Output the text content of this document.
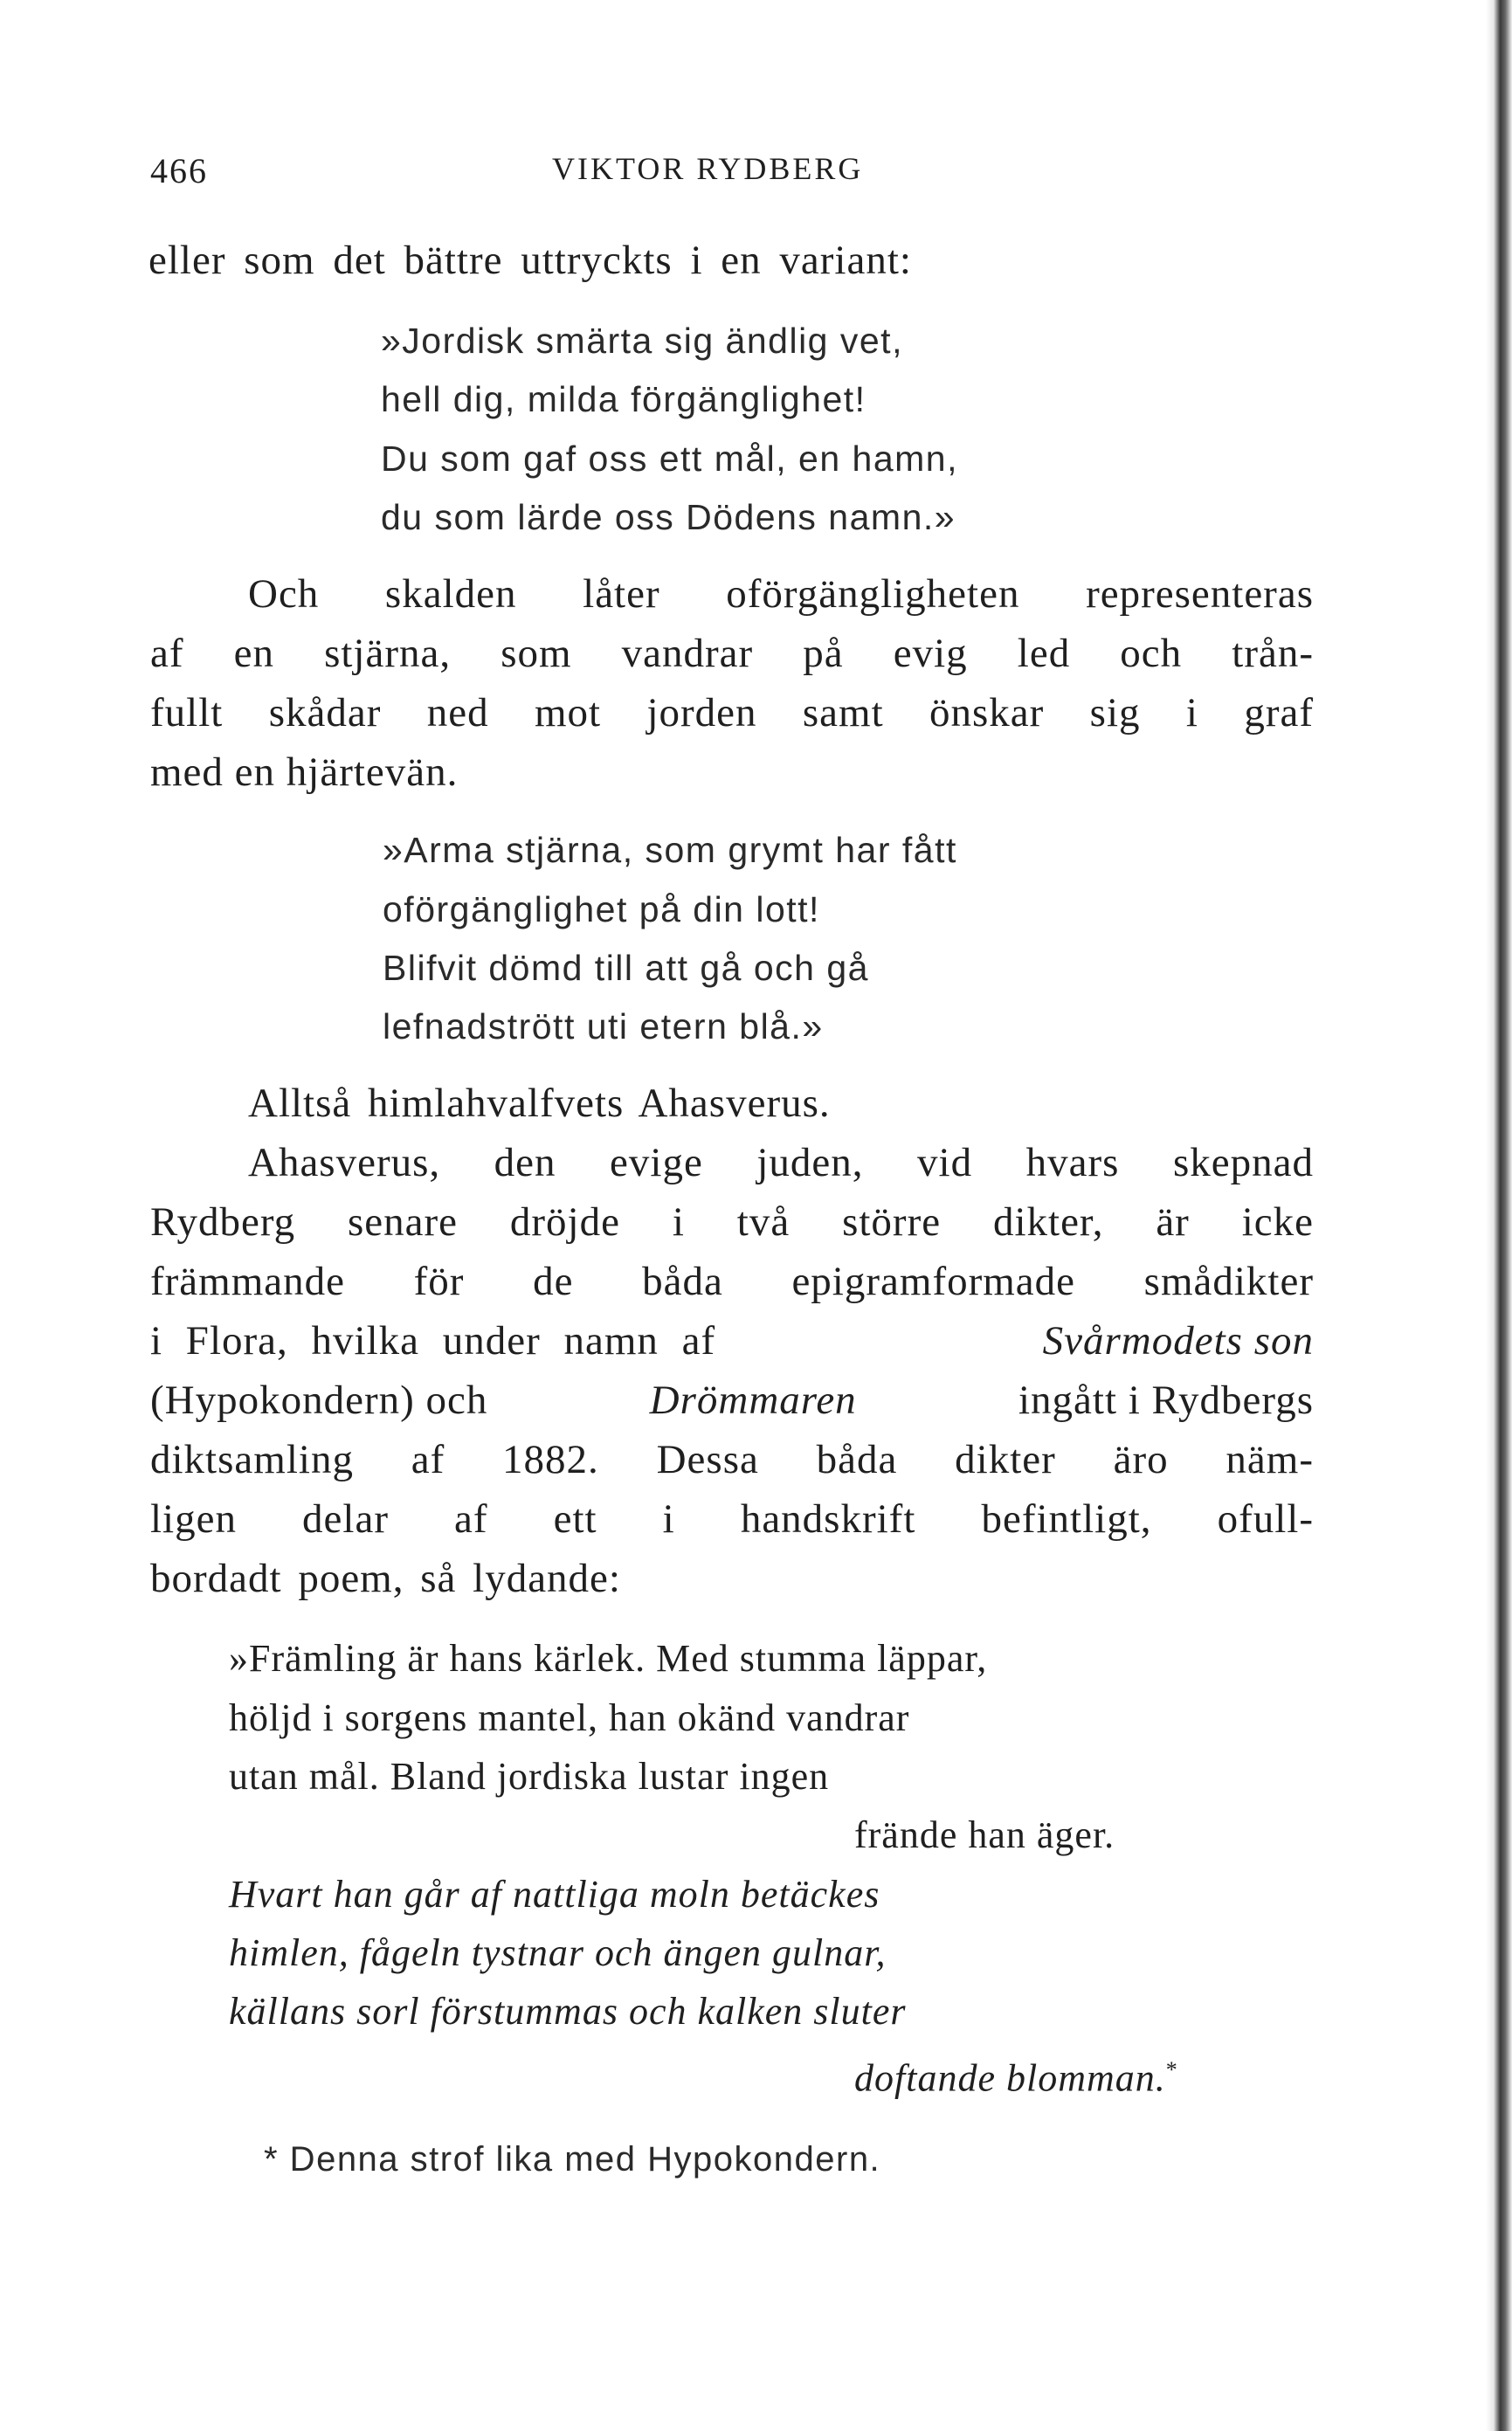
466	VIKTOR RYDBERG
eller som det bättre uttryckts i en variant:
»Jordisk smärta sig ändlig vet,
hell dig, milda förgänglighet!
Du som gaf oss ett mål, en hamn,
du som lärde oss Dödens namn.»
Och skalden låter oförgängligheten representeras
af en stjärna, som vandrar på evig led och trån-
fullt skådar ned mot jorden samt önskar sig i graf
med en hjärtevän.
»Arma stjärna, som grymt har fått
oförgänglighet på din lott!
Blifvit dömd till att gå och gå
lefnadstrött uti etern blå.»
Alltså himlahvalfvets Ahasverus.
Ahasverus, den evige juden, vid hvars skepnad
Rydberg senare dröjde i två större dikter, är icke
främmande för de båda epigramformade smådikter
i Flora, hvilka under namn af	Svårmodets son
(Hypokondern) och	Drömmaren	ingått i Rydbergs
diktsamling af 1882. Dessa båda dikter äro näm-
ligen delar af ett i handskrift befintligt, ofull-
bordadt poem, så lydande:
»Främling är hans kärlek. Med stumma läppar,
höljd i sorgens mantel, han okänd vandrar
utan mål. Bland jordiska lustar ingen
frände han äger.
Hvart han går af nattliga moln betäckes
himlen, fågeln tystnar och ängen gulnar,
källans sorl förstummas och kalken sluter
doftande blomman.*
* Denna strof lika med Hypokondern.
